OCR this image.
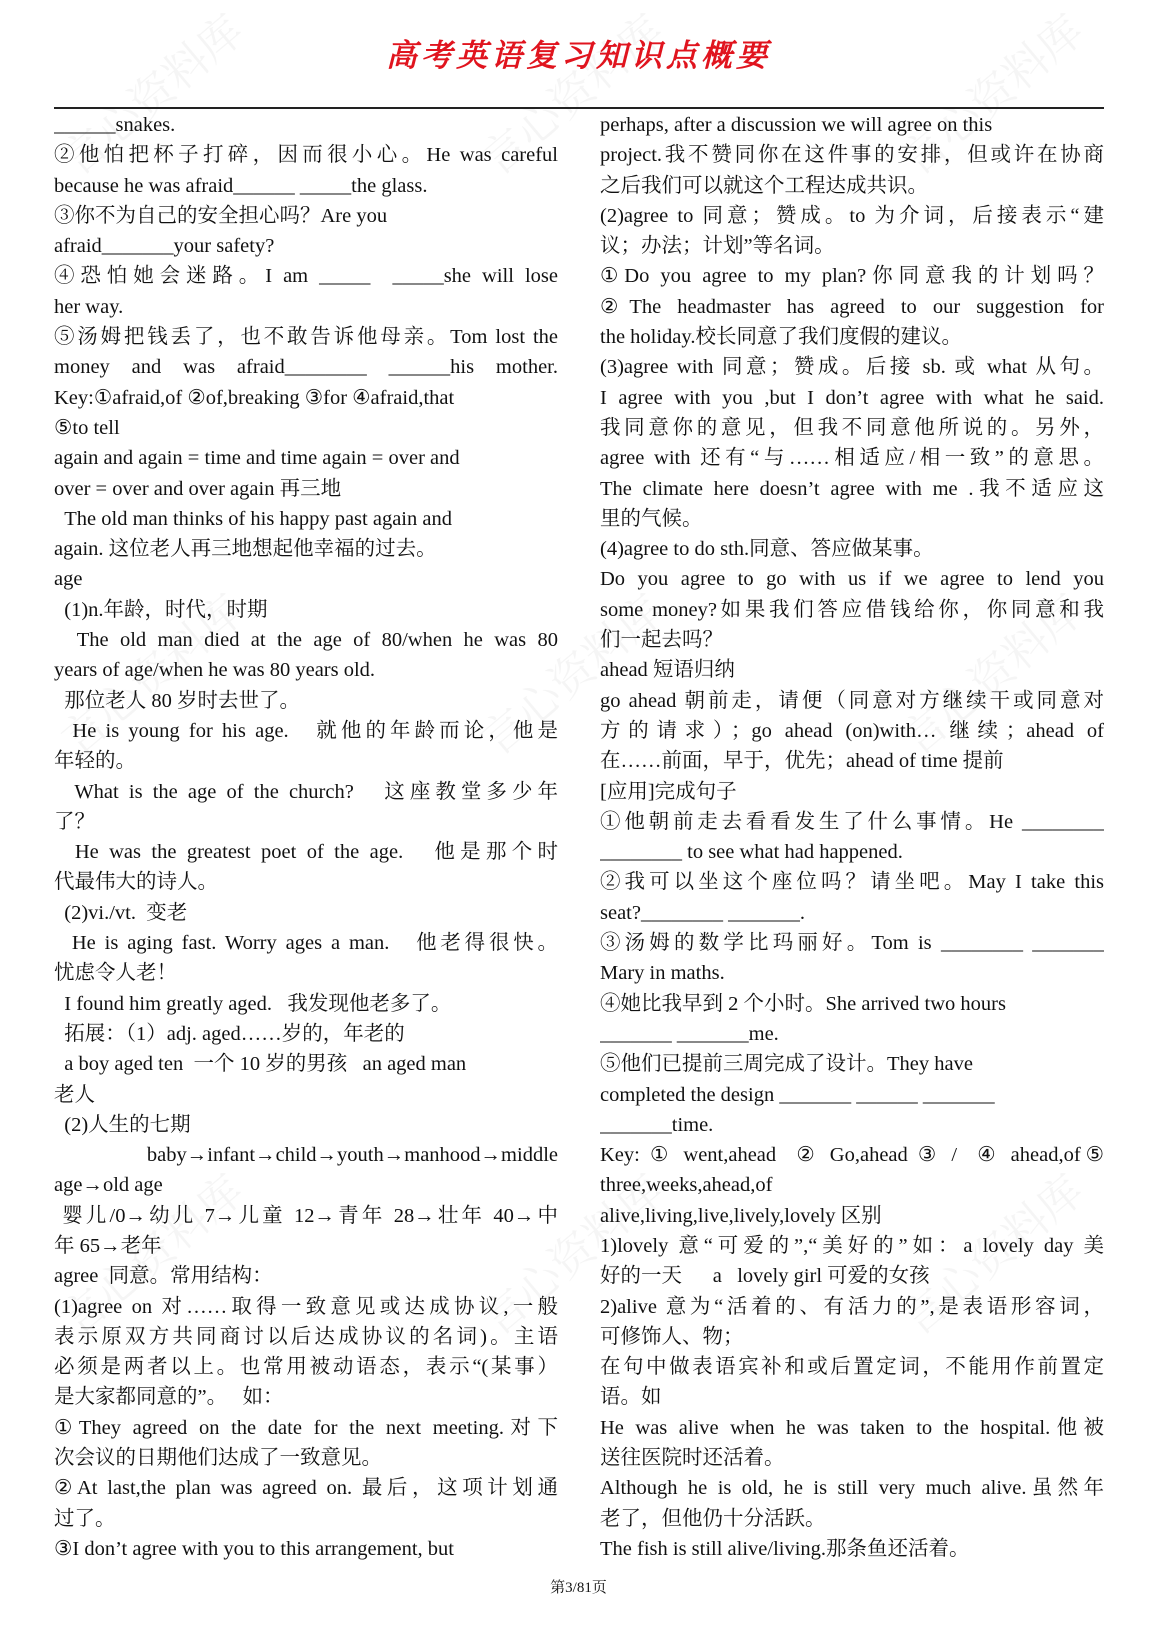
高考英语复习知识点概要
______snakes.
②他怕把杯子打碎，因而很小心。He was careful
because he was afraid______ _____the glass.
③你不为自己的安全担心吗？Are you
afraid_______your safety?
④恐怕她会迷路。I am _____  _____she will lose
her way.
⑤汤姆把钱丢了，也不敢告诉他母亲。Tom lost the
money and was afraid________ ______his mother.
Key:①afraid,of ②of,breaking ③for ④afraid,that
⑤to tell
again and again = time and time again = over and
over = over and over again 再三地
The old man thinks of his happy past again and
again. 这位老人再三地想起他幸福的过去。
age
(1)n.年龄，时代，时期
The old man died at the age of 80/when he was 80
years of age/when he was 80 years old.
那位老人 80 岁时去世了。
He is young for his age.   就他的年龄而论，他是
年轻的。
What is the age of the church?   这座教堂多少年
了？
He was the greatest poet of the age.   他是那个时
代最伟大的诗人。
(2)vi./vt.  变老
He is aging fast. Worry ages a man.   他老得很快。
忧虑令人老！
I found him greatly aged.   我发现他老多了。
拓展：（1）adj. aged……岁的，年老的
a boy aged ten  一个 10 岁的男孩   an aged man
老人
(2)人生的七期
baby→infant→child→youth→manhood→middle
age→old age
婴儿/0→幼儿 7→儿童 12→青年 28→壮年 40→中
年 65→老年
agree  同意。常用结构：
(1)agree on 对……取得一致意见或达成协议,一般
表示原双方共同商讨以后达成协议的名词)。主语
必须是两者以上。也常用被动语态，表示“(某事）
是大家都同意的”。   如：
①They agreed on the date for the next meeting.对下
次会议的日期他们达成了一致意见。
②At last,the plan was agreed on. 最后，这项计划通
过了。
③I don’t agree with you to this arrangement, but
perhaps, after a discussion we will agree on this
project.我不赞同你在这件事的安排，但或许在协商
之后我们可以就这个工程达成共识。
(2)agree to 同意；赞成。to 为介词，后接表示“建
议；办法；计划”等名词。
①Do you agree to my plan?你同意我的计划吗？
②The headmaster has agreed to our suggestion for
the holiday.校长同意了我们度假的建议。
(3)agree with 同意；赞成。后接 sb. 或 what 从句。
I agree with you ,but I don’t agree with what he said.
我同意你的意见，但我不同意他所说的。另外，
agree with 还有“与……相适应/相一致”的意思。
The climate here doesn’t agree with me .我不适应这
里的气候。
(4)agree to do sth.同意、答应做某事。
Do you agree to go with us if we agree to lend you
some money?如果我们答应借钱给你，你同意和我
们一起去吗？
ahead 短语归纳
go ahead 朝前走，请便（同意对方继续干或同意对
方的请求）；go ahead (on)with… 继续；ahead of
在……前面，早于，优先；ahead of time 提前
[应用]完成句子
①他朝前走去看看发生了什么事情。He ________
________ to see what had happened.
②我可以坐这个座位吗？请坐吧。May I take this
seat?________ _______.
③汤姆的数学比玛丽好。Tom is ________ _______
Mary in maths.
④她比我早到 2 个小时。She arrived two hours
_______ _______me.
⑤他们已提前三周完成了设计。They have
completed the design _______ ______ _______
_______time.
Key: ① went,ahead  ② Go,ahead ③ /  ④ ahead,of⑤
three,weeks,ahead,of
alive,living,live,lively,lovely 区别
1)lovely 意“可爱的”,“美好的”如：a lovely day 美
好的一天      a   lovely girl 可爱的女孩
2)alive 意为“活着的、有活力的”,是表语形容词，
可修饰人、物；
在句中做表语宾补和或后置定词，不能用作前置定
语。如
He was alive when he was taken to the hospital.他被
送往医院时还活着。
Although he is old, he is still very much alive.虽然年
老了，但他仍十分活跃。
The fish is still alive/living.那条鱼还活着。
第3/81页
